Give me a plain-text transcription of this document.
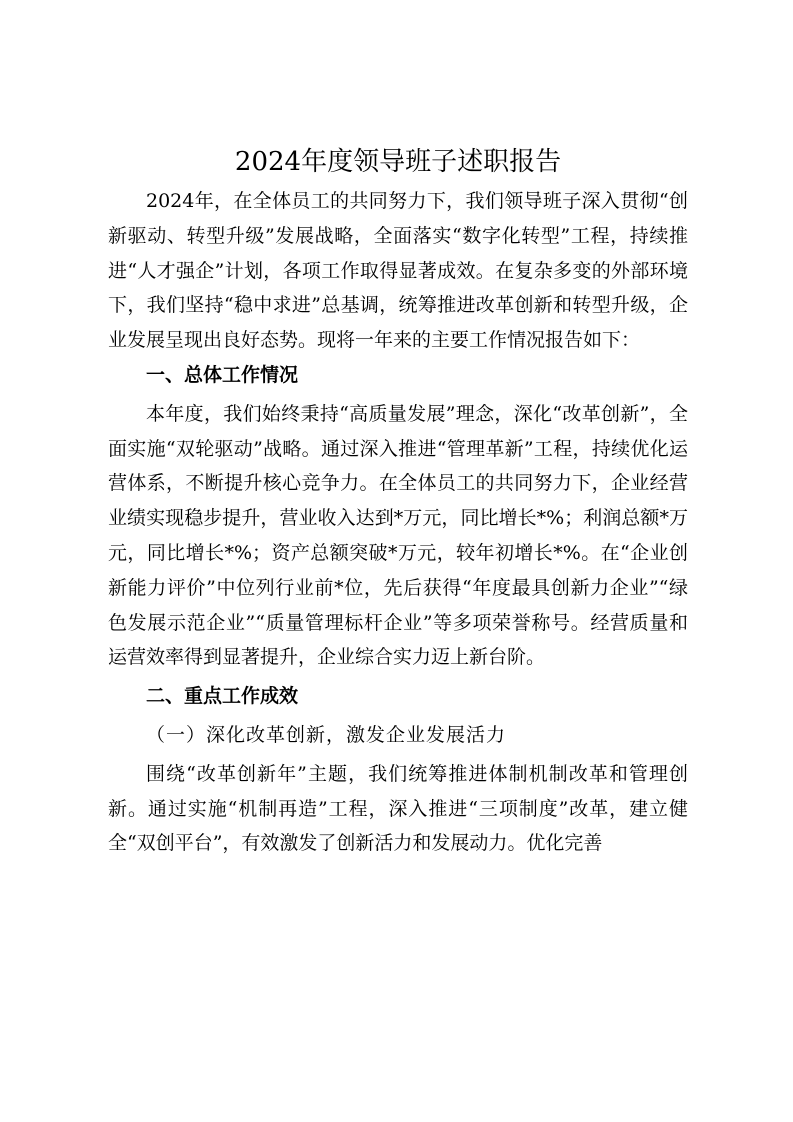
2024年度领导班子述职报告

2024年，在全体员工的共同努力下，我们领导班子深入贯彻“创新驱动、转型升级”发展战略，全面落实“数字化转型”工程，持续推进“人才强企”计划，各项工作取得显著成效。在复杂多变的外部环境下，我们坚持“稳中求进”总基调，统筹推进改革创新和转型升级，企业发展呈现出良好态势。现将一年来的主要工作情况报告如下：

一、总体工作情况

本年度，我们始终秉持“高质量发展”理念，深化“改革创新”，全面实施“双轮驱动”战略。通过深入推进“管理革新”工程，持续优化运营体系，不断提升核心竞争力。在全体员工的共同努力下，企业经营业绩实现稳步提升，营业收入达到*万元，同比增长*%；利润总额*万元，同比增长*%；资产总额突破*万元，较年初增长*%。在“企业创新能力评价”中位列行业前*位，先后获得“年度最具创新力企业”“绿色发展示范企业”“质量管理标杆企业”等多项荣誉称号。经营质量和运营效率得到显著提升，企业综合实力迈上新台阶。

二、重点工作成效
（一）深化改革创新，激发企业发展活力

围绕“改革创新年”主题，我们统筹推进体制机制改革和管理创新。通过实施“机制再造”工程，深入推进“三项制度”改革，建立健全“双创平台”，有效激发了创新活力和发展动力。优化完善
